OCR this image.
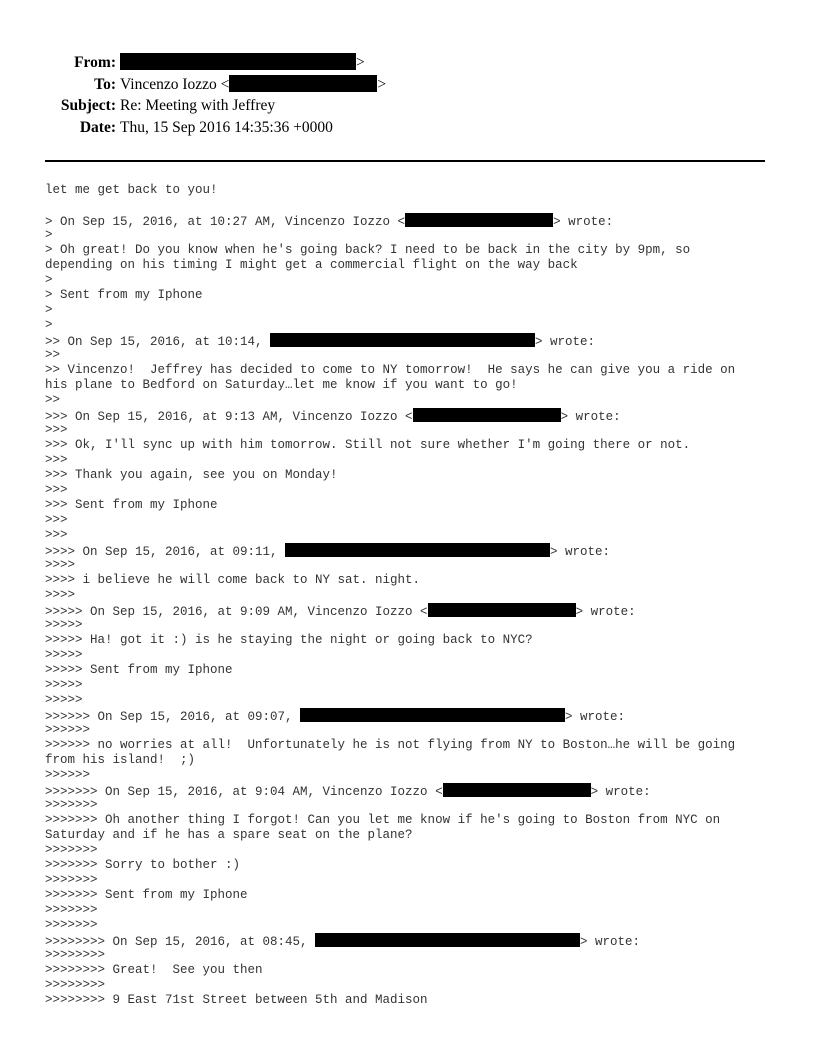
From:	>
To: Vincenzo Iozzo <	>
Subject: Re: Meeting with Jeffrey
Date: Thu, 15 Sep 2016 14:35:36 +0000
let me get back to you!
> On Sep 15, 2016, at 10:27 AM, Vincenzo Iozzo <	> wrote:
>
> Oh great! Do you know when he's going back? I need to be back in the city by 9pm, so
depending on his timing I might get a commercial flight on the way back
>
> Sent from my Iphone
>
>
>> On Sep 15, 2016, at 10:14,	> wrote:
>>
>> Vincenzo!  Jeffrey has decided to come to NY tomorrow!  He says he can give you a ride on
his plane to Bedford on Saturday…let me know if you want to go!
>>
>>> On Sep 15, 2016, at 9:13 AM, Vincenzo Iozzo <	> wrote:
>>>
>>> Ok, I'll sync up with him tomorrow. Still not sure whether I'm going there or not.
>>>
>>> Thank you again, see you on Monday!
>>>
>>> Sent from my Iphone
>>>
>>>
>>>> On Sep 15, 2016, at 09:11,	> wrote:
>>>>
>>>> i believe he will come back to NY sat. night.
>>>>
>>>>> On Sep 15, 2016, at 9:09 AM, Vincenzo Iozzo <	> wrote:
>>>>>
>>>>> Ha! got it :) is he staying the night or going back to NYC?
>>>>>
>>>>> Sent from my Iphone
>>>>>
>>>>>
>>>>>> On Sep 15, 2016, at 09:07,	> wrote:
>>>>>>
>>>>>> no worries at all!  Unfortunately he is not flying from NY to Boston…he will be going
from his island!  ;)
>>>>>>
>>>>>>> On Sep 15, 2016, at 9:04 AM, Vincenzo Iozzo <	> wrote:
>>>>>>>
>>>>>>> Oh another thing I forgot! Can you let me know if he's going to Boston from NYC on
Saturday and if he has a spare seat on the plane?
>>>>>>>
>>>>>>> Sorry to bother :)
>>>>>>>
>>>>>>> Sent from my Iphone
>>>>>>>
>>>>>>>
>>>>>>>> On Sep 15, 2016, at 08:45,	> wrote:
>>>>>>>>
>>>>>>>> Great!  See you then
>>>>>>>>
>>>>>>>> 9 East 71st Street between 5th and Madison
